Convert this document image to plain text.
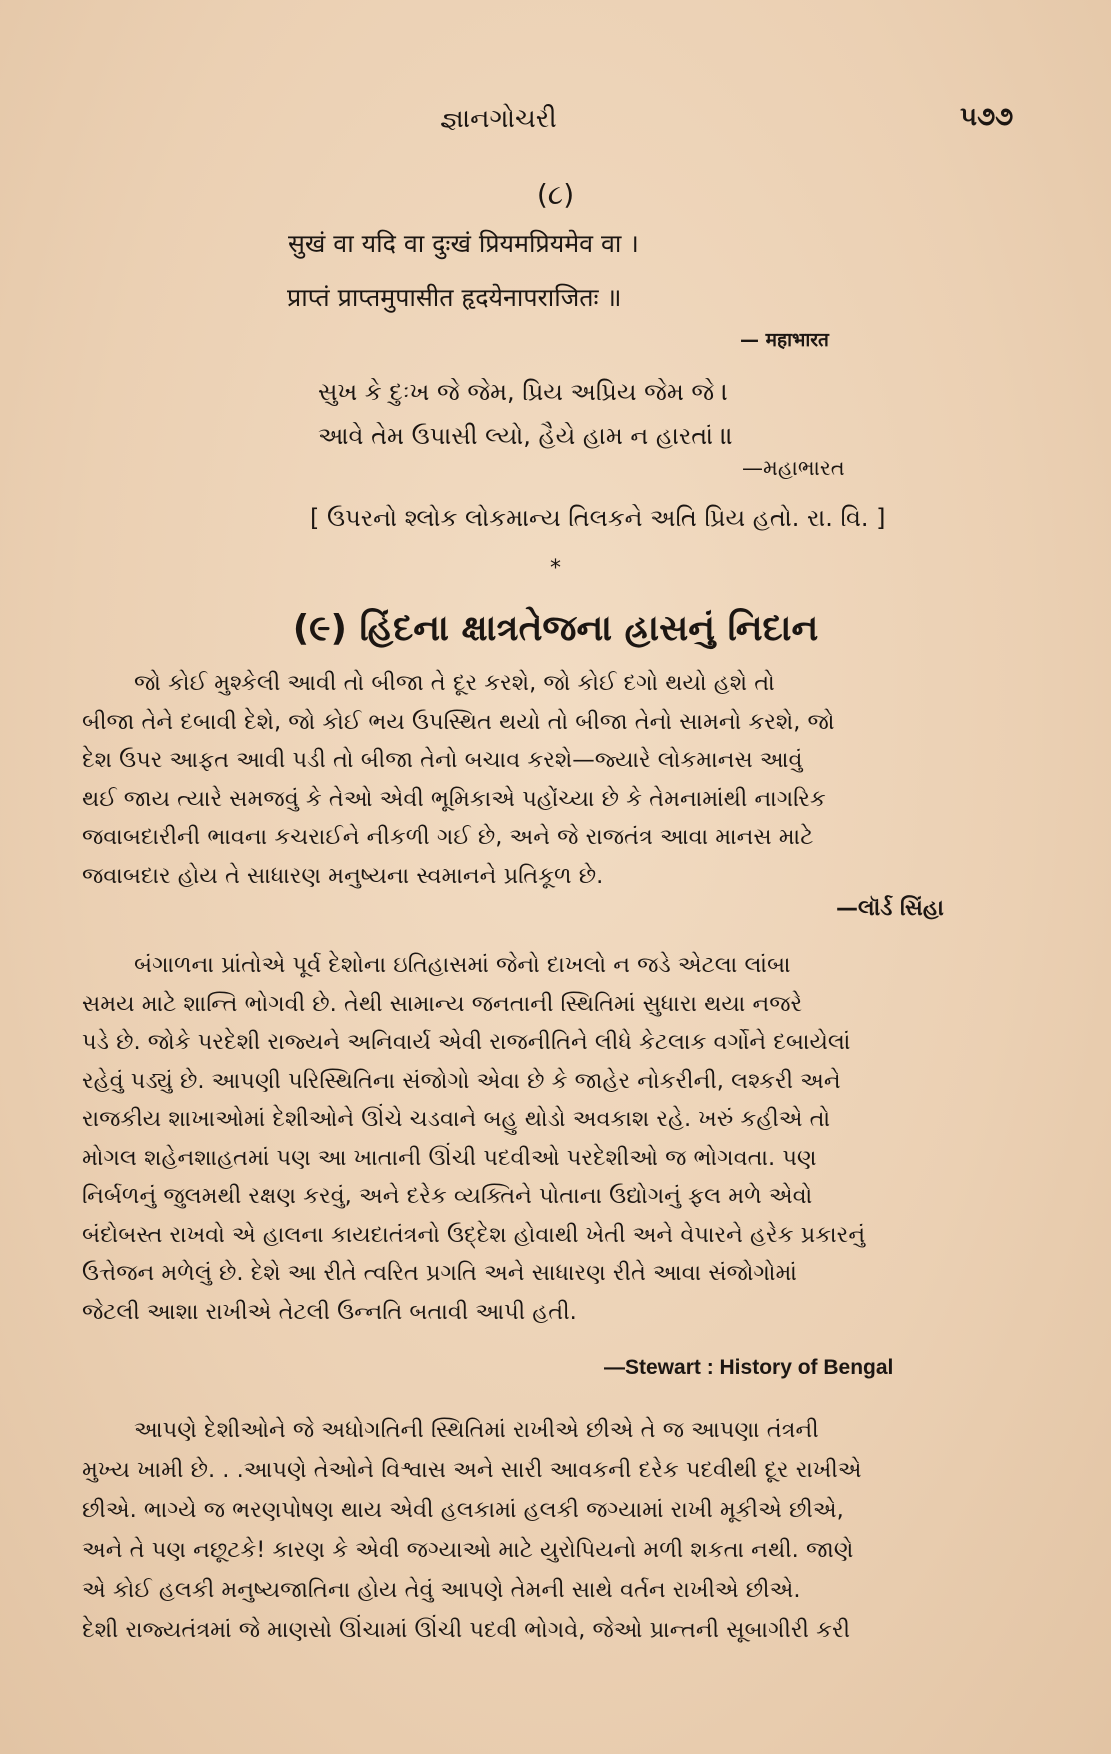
જ્ઞાનગોચરી	૫૭૭
(૮)
सुखं वा यदि वा दुःखं प्रियमप्रियमेव वा ।
प्राप्तं प्राप्तमुपासीत हृदयेनापराजितः ॥
— महाभारत
સુખ કે દુઃખ જે જેમ, પ્રિય અપ્રિય જેમ જે ।
આવે તેમ ઉપાસી લ્યો, હૈયે હામ ન હારતાં ॥
—મહાભારત
[ ઉપરનો શ્લોક લોકમાન્ય તિલકને અતિ પ્રિય હતો. રા. વિ. ]
*
(૯) હિંદના ક્ષાત્રતેજના હ્રાસનું નિદાન
જો કોઈ મુશ્કેલી આવી તો બીજા તે દૂર કરશે, જો કોઈ દગો થયો હશે તો
બીજા તેને દબાવી દેશે, જો કોઈ ભય ઉપસ્થિત થયો તો બીજા તેનો સામનો કરશે, જો
દેશ ઉપર આફત આવી પડી તો બીજા તેનો બચાવ કરશે—જ્યારે લોકમાનસ આવું
થઈ જાય ત્યારે સમજવું કે તેઓ એવી ભૂમિકાએ પહોંચ્યા છે કે તેમનામાંથી નાગરિક
જવાબદારીની ભાવના કચરાઈને નીકળી ગઈ છે, અને જે રાજતંત્ર આવા માનસ માટે
જવાબદાર હોય તે સાધારણ મનુષ્યના સ્વમાનને પ્રતિકૂળ છે.
—લૉર્ડ સિંહા
બંગાળના પ્રાંતોએ પૂર્વ દેશોના ઇતિહાસમાં જેનો દાખલો ન જડે એટલા લાંબા
સમય માટે શાન્તિ ભોગવી છે. તેથી સામાન્ય જનતાની સ્થિતિમાં સુધારા થયા નજરે
પડે છે. જોકે પરદેશી રાજ્યને અનિવાર્ય એવી રાજનીતિને લીધે કેટલાક વર્ગોને દબાયેલાં
રહેવું પડ્યું છે. આપણી પરિસ્થિતિના સંજોગો એવા છે કે જાહેર નોકરીની, લશ્કરી અને
રાજકીય શાખાઓમાં દેશીઓને ઊંચે ચડવાને બહુ થોડો અવકાશ રહે. ખરું કહીએ તો
મોગલ શહેનશાહતમાં પણ આ ખાતાની ઊંચી પદવીઓ પરદેશીઓ જ ભોગવતા. પણ
નિર્બળનું જુલમથી રક્ષણ કરવું, અને દરેક વ્યક્તિને પોતાના ઉદ્યોગનું ફલ મળે એવો
બંદોબસ્ત રાખવો એ હાલના કાયદાતંત્રનો ઉદ્દેશ હોવાથી ખેતી અને વેપારને હરેક પ્રકારનું
ઉત્તેજન મળેલું છે. દેશે આ રીતે ત્વરિત પ્રગતિ અને સાધારણ રીતે આવા સંજોગોમાં
જેટલી આશા રાખીએ તેટલી ઉન્નતિ બતાવી આપી હતી.
—Stewart : History of Bengal
આપણે દેશીઓને જે અધોગતિની સ્થિતિમાં રાખીએ છીએ તે જ આપણા તંત્રની
મુખ્ય ખામી છે. . .આપણે તેઓને વિશ્વાસ અને સારી આવકની દરેક પદવીથી દૂર રાખીએ
છીએ. ભાગ્યે જ ભરણપોષણ થાય એવી હલકામાં હલકી જગ્યામાં રાખી મૂકીએ છીએ,
અને તે પણ નછૂટકે! કારણ કે એવી જગ્યાઓ માટે યુરોપિયનો મળી શકતા નથી. જાણે
એ કોઈ હલકી મનુષ્યજાતિના હોય તેવું આપણે તેમની સાથે વર્તન રાખીએ છીએ.
દેશી રાજ્યતંત્રમાં જે માણસો ઊંચામાં ઊંચી પદવી ભોગવે, જેઓ પ્રાન્તની સૂબાગીરી કરી
